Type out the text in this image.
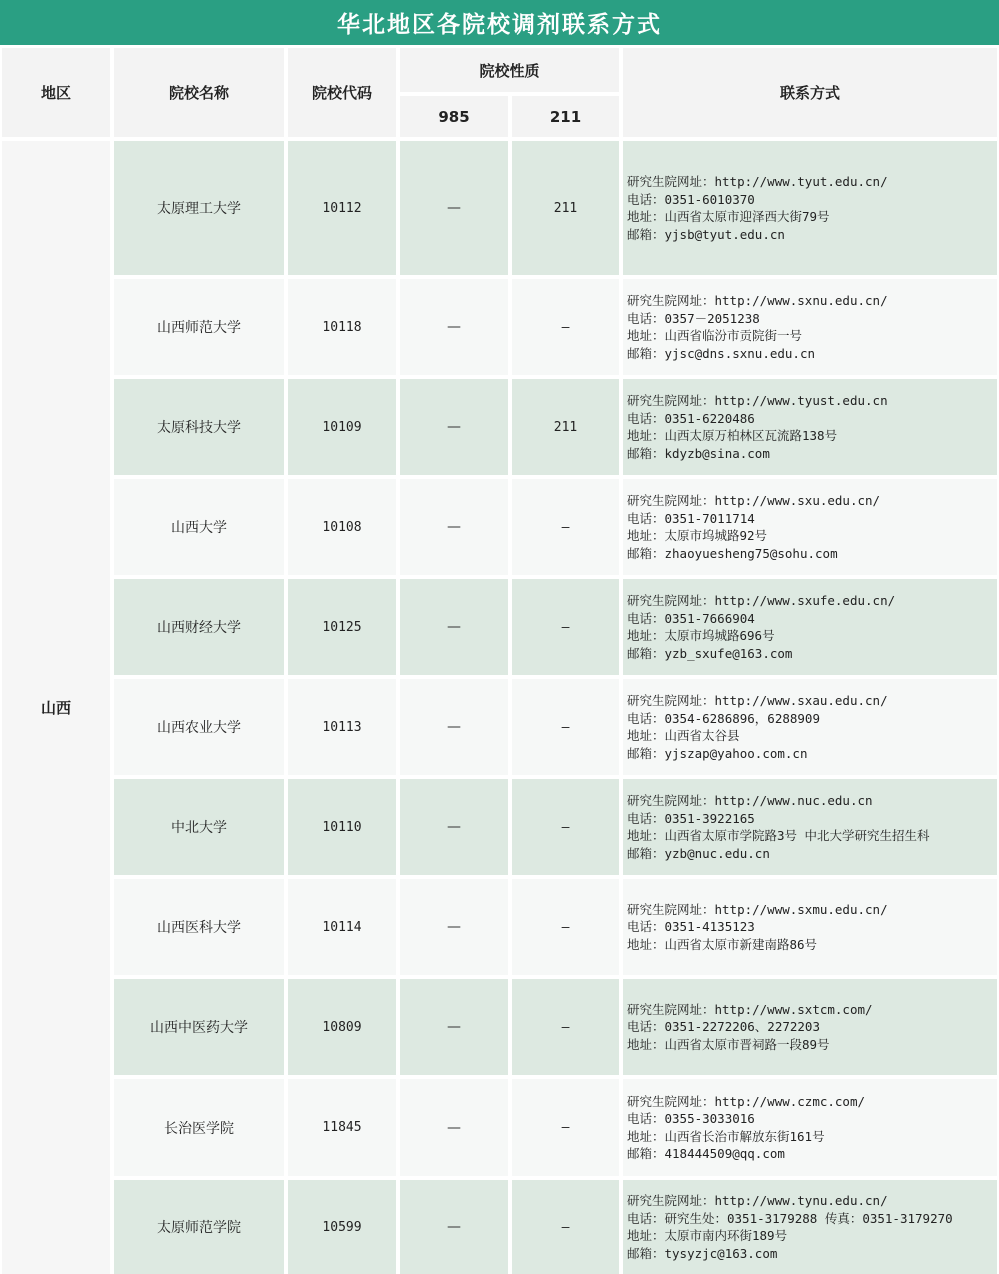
华北地区各院校调剂联系方式
地区	院校名称	院校代码
院校性质
985	211
联系方式
山西
太原理工大学	10112	—	211
研究生院网址：http://www.tyut.edu.cn/
电话：0351-6010370
地址：山西省太原市迎泽西大街79号
邮箱：yjsb@tyut.edu.cn
山西师范大学	10118	—	—
研究生院网址：http://www.sxnu.edu.cn/
电话：0357－2051238
地址：山西省临汾市贡院街一号
邮箱：yjsc@dns.sxnu.edu.cn
太原科技大学	10109	—	211
研究生院网址：http://www.tyust.edu.cn
电话：0351-6220486
地址：山西太原万柏林区瓦流路138号
邮箱：kdyzb@sina.com
山西大学	10108	—	—
研究生院网址：http://www.sxu.edu.cn/
电话：0351-7011714
地址：太原市坞城路92号
邮箱：zhaoyuesheng75@sohu.com
山西财经大学	10125	—	—
研究生院网址：http://www.sxufe.edu.cn/
电话：0351-7666904
地址：太原市坞城路696号
邮箱：yzb_sxufe@163.com
山西农业大学	10113	—	—
研究生院网址：http://www.sxau.edu.cn/
电话：0354-6286896，6288909
地址：山西省太谷县
邮箱：yjszap@yahoo.com.cn
中北大学	10110	—	—
研究生院网址：http://www.nuc.edu.cn
电话：0351-3922165
地址：山西省太原市学院路3号 中北大学研究生招生科
邮箱：yzb@nuc.edu.cn
山西医科大学	10114	—	—
研究生院网址：http://www.sxmu.edu.cn/
电话：0351-4135123
地址：山西省太原市新建南路86号
山西中医药大学	10809	—	—
研究生院网址：http://www.sxtcm.com/
电话：0351-2272206、2272203
地址：山西省太原市晋祠路一段89号
长治医学院	11845	—	—
研究生院网址：http://www.czmc.com/
电话：0355-3033016
地址：山西省长治市解放东街161号
邮箱：418444509@qq.com
太原师范学院	10599	—	—
研究生院网址：http://www.tynu.edu.cn/
电话：研究生处：0351-3179288 传真：0351-3179270
地址：太原市南内环街189号
邮箱：tysyzjc@163.com
